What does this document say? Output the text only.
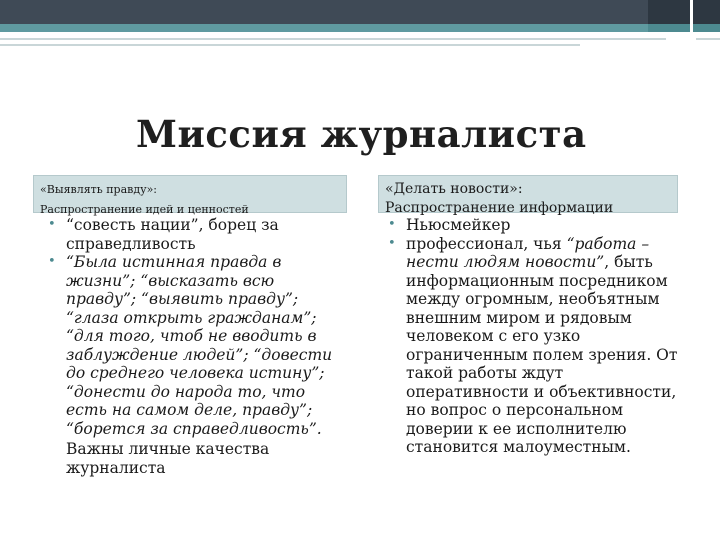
Миссия журналиста
«Выявлять правду»:
Распространение идей и ценностей
«Делать новости»:
Распространение информации
• “совесть нации”, борец за справедливость
• “Была истинная правда в жизни”; “высказать всю правду”; “выявить правду”; “глаза открыть гражданам”; “для того, чтоб не вводить в заблуждение людей”; “довести до среднего человека истину”; “донести до народа то, что есть на самом деле, правду”; “борется за справедливость”.
Важны личные качества журналиста
• Ньюсмейкер
• профессионал, чья “работа – нести людям новости”, быть информационным посредником между огромным, необъятным внешним миром и рядовым человеком с его узко ограниченным полем зрения. От такой работы ждут оперативности и объективности, но вопрос о персональном доверии к ее исполнителю становится малоуместным.
